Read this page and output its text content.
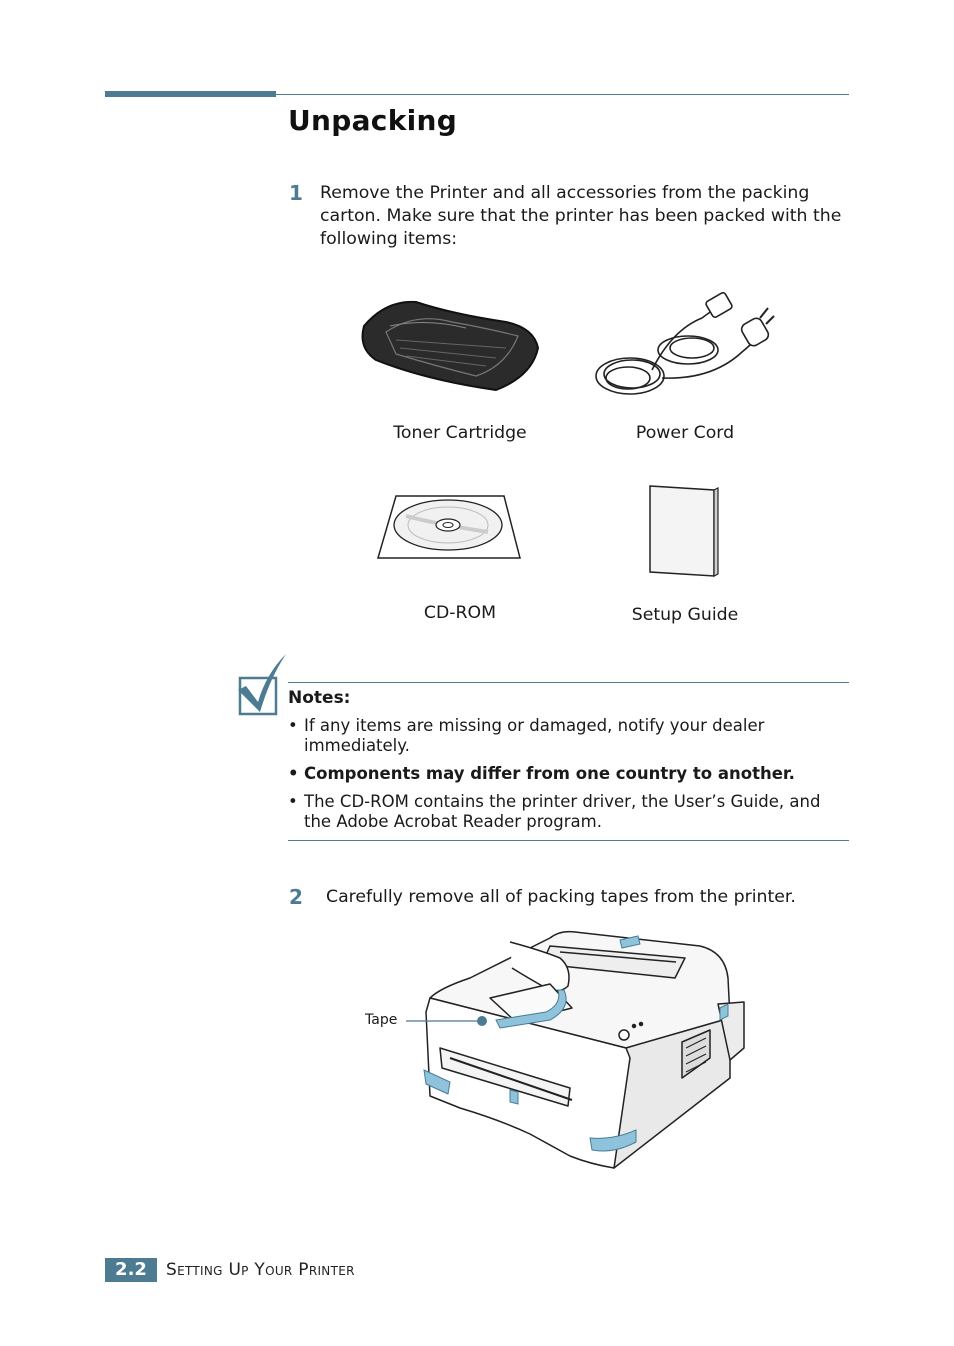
Unpacking
1 Remove the Printer and all accessories from the packing carton. Make sure that the printer has been packed with the following items:
Toner Cartridge	Power Cord
CD-ROM	Setup Guide
Notes:
• If any items are missing or damaged, notify your dealer immediately.
• Components may differ from one country to another.
• The CD-ROM contains the printer driver, the User’s Guide, and the Adobe Acrobat Reader program.
2 Carefully remove all of packing tapes from the printer.
Tape
2.2	Setting Up Your Printer
